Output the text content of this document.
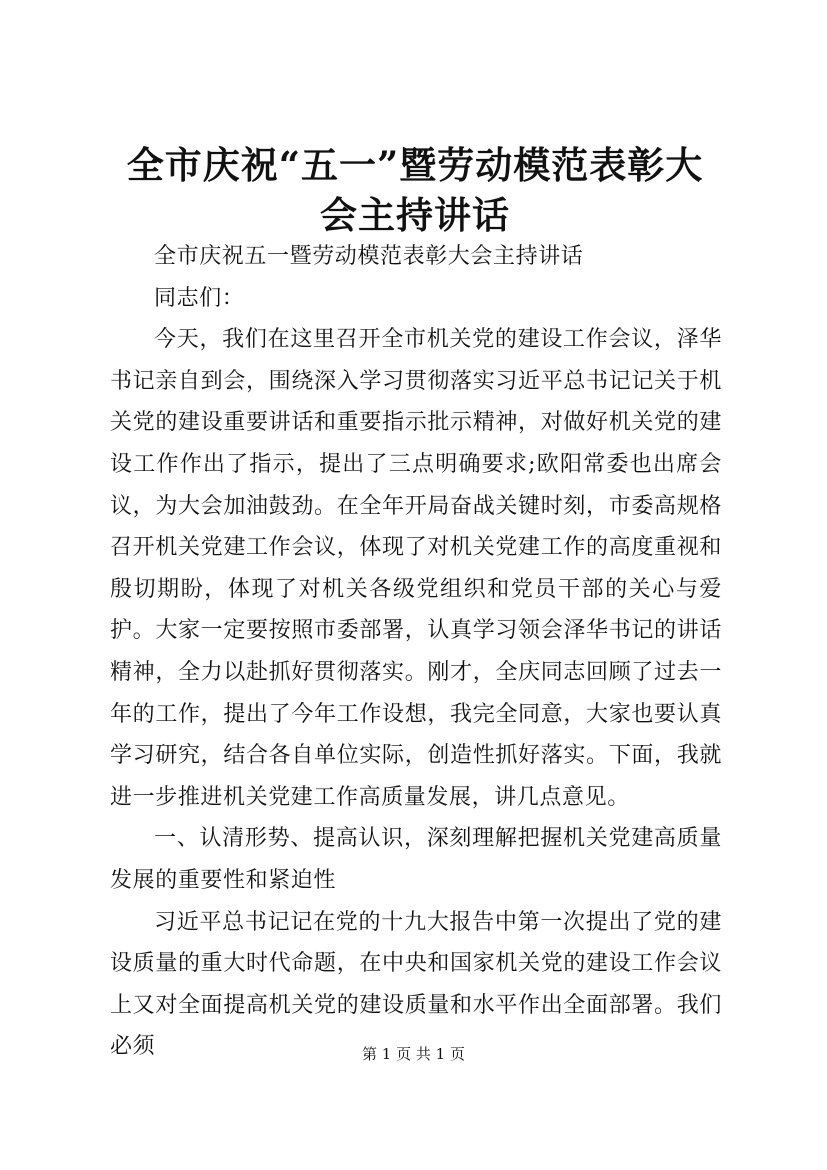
全市庆祝“五一”暨劳动模范表彰大会主持讲话

全市庆祝五一暨劳动模范表彰大会主持讲话

同志们：

今天，我们在这里召开全市机关党的建设工作会议，泽华书记亲自到会，围绕深入学习贯彻落实习近平总书记记关于机关党的建设重要讲话和重要指示批示精神，对做好机关党的建设工作作出了指示，提出了三点明确要求;欧阳常委也出席会议，为大会加油鼓劲。在全年开局奋战关键时刻，市委高规格召开机关党建工作会议，体现了对机关党建工作的高度重视和殷切期盼，体现了对机关各级党组织和党员干部的关心与爱护。大家一定要按照市委部署，认真学习领会泽华书记的讲话精神，全力以赴抓好贯彻落实。刚才，全庆同志回顾了过去一年的工作，提出了今年工作设想，我完全同意，大家也要认真学习研究，结合各自单位实际，创造性抓好落实。下面，我就进一步推进机关党建工作高质量发展，讲几点意见。

一、认清形势、提高认识，深刻理解把握机关党建高质量发展的重要性和紧迫性

习近平总书记记在党的十九大报告中第一次提出了党的建设质量的重大时代命题，在中央和国家机关党的建设工作会议上又对全面提高机关党的建设质量和水平作出全面部署。我们必须	第 1 页 共 1 页
